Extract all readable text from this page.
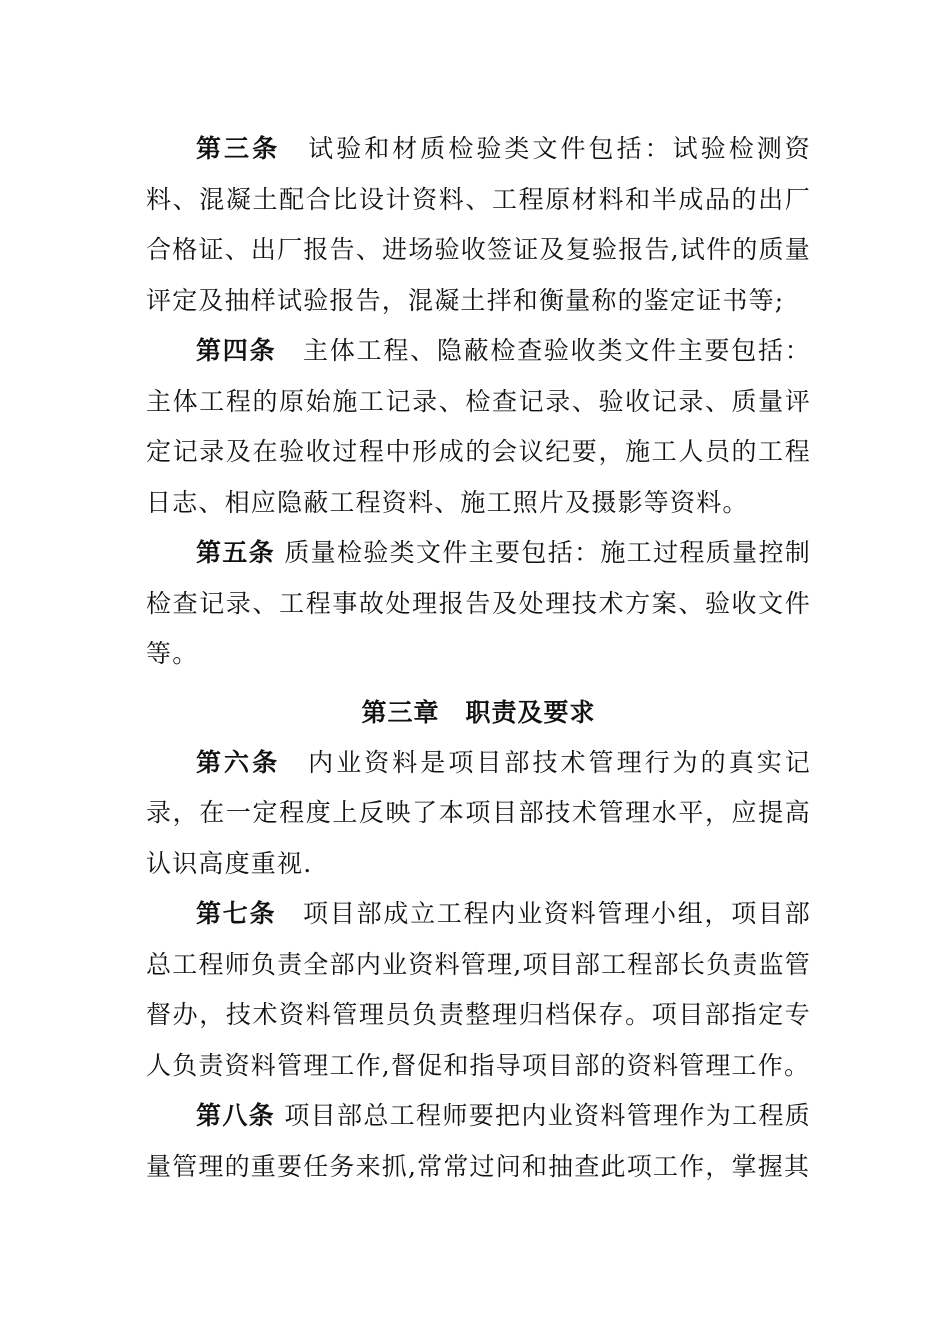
第三条　试验和材质检验类文件包括：试验检测资料、混凝土配合比设计资料、工程原材料和半成品的出厂合格证、出厂报告、进场验收签证及复验报告,试件的质量评定及抽样试验报告，混凝土拌和衡量称的鉴定证书等;

第四条　主体工程、隐蔽检查验收类文件主要包括：主体工程的原始施工记录、检查记录、验收记录、质量评定记录及在验收过程中形成的会议纪要，施工人员的工程日志、相应隐蔽工程资料、施工照片及摄影等资料。

第五条 质量检验类文件主要包括：施工过程质量控制检查记录、工程事故处理报告及处理技术方案、验收文件等。

第三章　职责及要求

第六条　内业资料是项目部技术管理行为的真实记录，在一定程度上反映了本项目部技术管理水平，应提高认识高度重视.

第七条　项目部成立工程内业资料管理小组，项目部总工程师负责全部内业资料管理,项目部工程部长负责监管督办，技术资料管理员负责整理归档保存。项目部指定专人负责资料管理工作,督促和指导项目部的资料管理工作。

第八条 项目部总工程师要把内业资料管理作为工程质量管理的重要任务来抓,常常过问和抽查此项工作，掌握其
